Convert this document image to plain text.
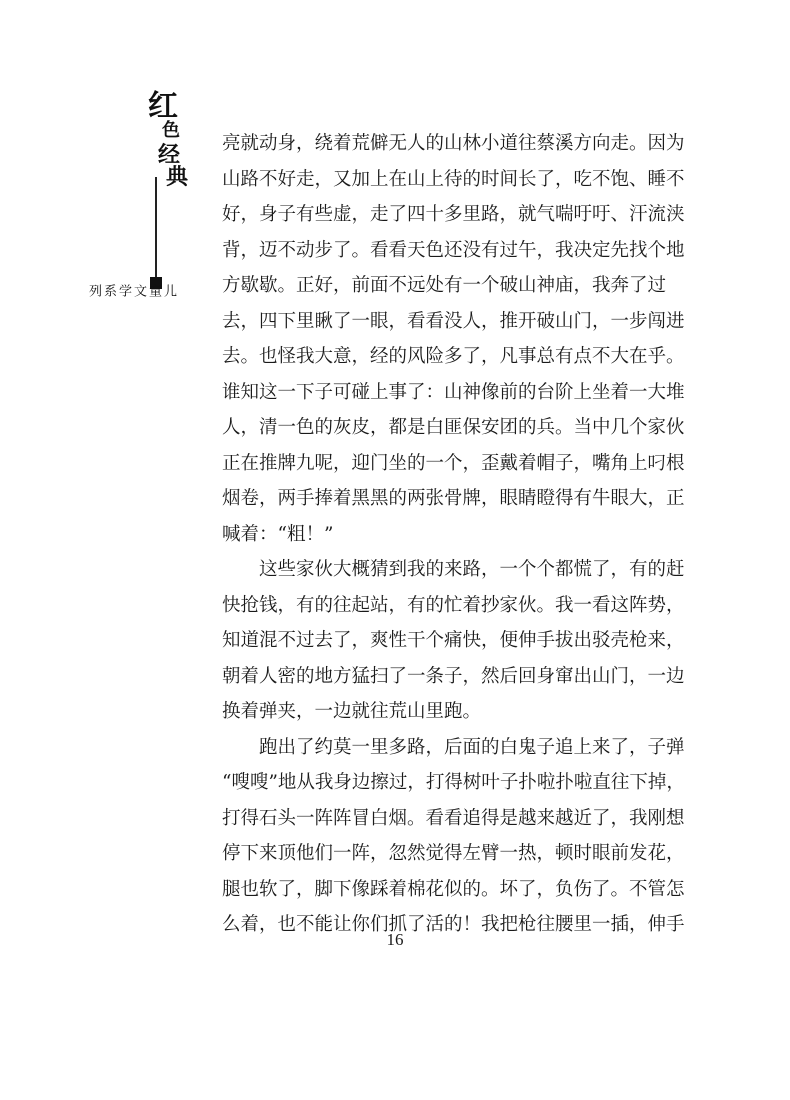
红
色
经
典
儿童文学系列
亮就动身，绕着荒僻无人的山林小道往蔡溪方向走。因为
山路不好走，又加上在山上待的时间长了，吃不饱、睡不
好，身子有些虚，走了四十多里路，就气喘吁吁、汗流浃
背，迈不动步了。看看天色还没有过午，我决定先找个地
方歇歇。正好，前面不远处有一个破山神庙，我奔了过
去，四下里瞅了一眼，看看没人，推开破山门，一步闯进
去。也怪我大意，经的风险多了，凡事总有点不大在乎。
谁知这一下子可碰上事了：山神像前的台阶上坐着一大堆
人，清一色的灰皮，都是白匪保安团的兵。当中几个家伙
正在推牌九呢，迎门坐的一个，歪戴着帽子，嘴角上叼根
烟卷，两手捧着黑黑的两张骨牌，眼睛瞪得有牛眼大，正
喊着：“粗！”
这些家伙大概猜到我的来路，一个个都慌了，有的赶
快抢钱，有的往起站，有的忙着抄家伙。我一看这阵势，
知道混不过去了，爽性干个痛快，便伸手拔出驳壳枪来，
朝着人密的地方猛扫了一条子，然后回身窜出山门，一边
换着弹夹，一边就往荒山里跑。
跑出了约莫一里多路，后面的白鬼子追上来了，子弹
“嗖嗖”地从我身边擦过，打得树叶子扑啦扑啦直往下掉，
打得石头一阵阵冒白烟。看看追得是越来越近了，我刚想
停下来顶他们一阵，忽然觉得左臂一热，顿时眼前发花，
腿也软了，脚下像踩着棉花似的。坏了，负伤了。不管怎
么着，也不能让你们抓了活的！我把枪往腰里一插，伸手
16
